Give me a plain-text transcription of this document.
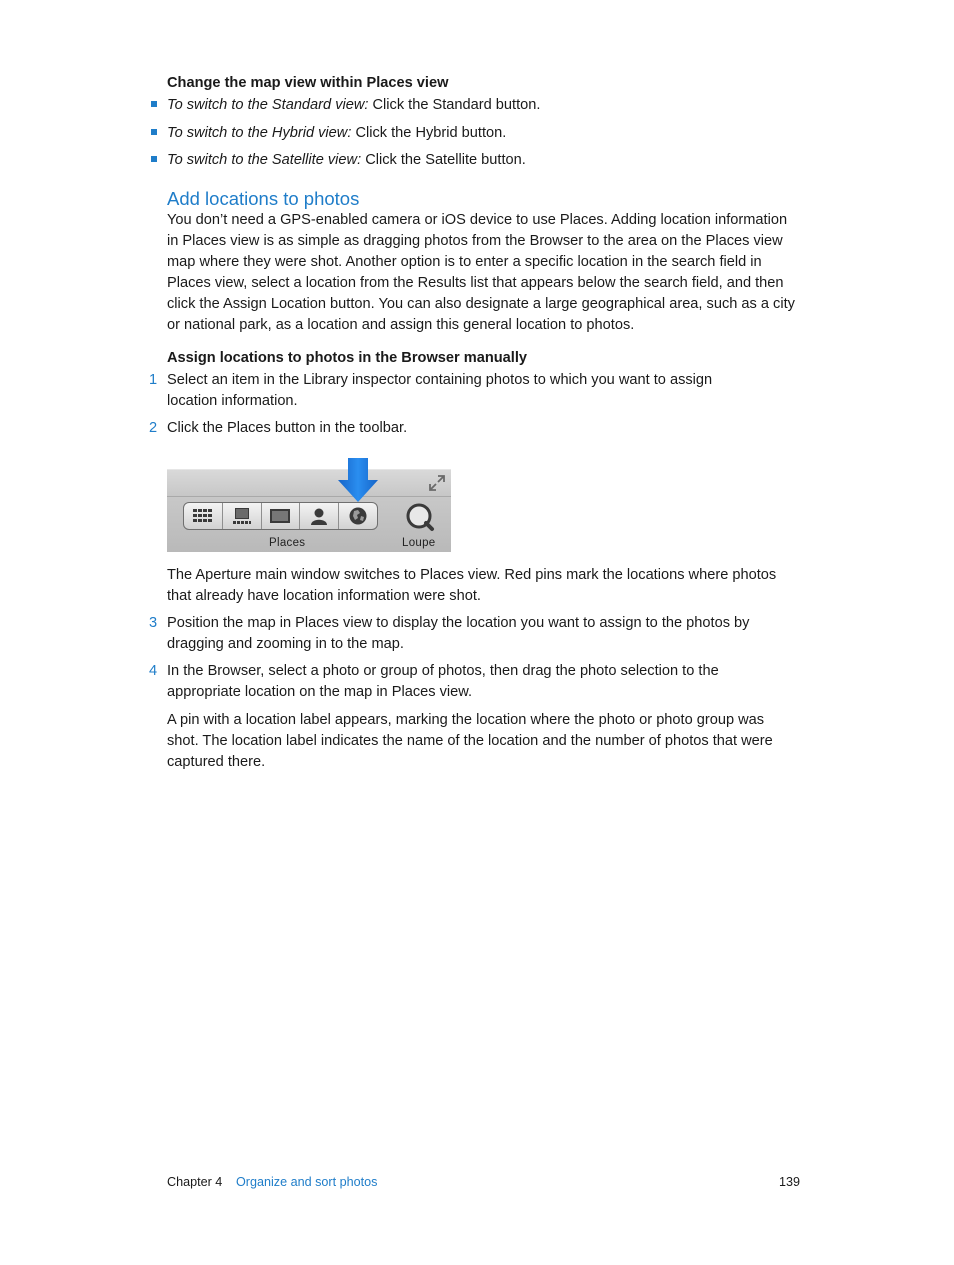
Change the map view within Places view
To switch to the Standard view: Click the Standard button.
To switch to the Hybrid view: Click the Hybrid button.
To switch to the Satellite view: Click the Satellite button.
Add locations to photos
You don’t need a GPS-enabled camera or iOS device to use Places. Adding location information
in Places view is as simple as dragging photos from the Browser to the area on the Places view
map where they were shot. Another option is to enter a specific location in the search field in
Places view, select a location from the Results list that appears below the search field, and then
click the Assign Location button. You can also designate a large geographical area, such as a city
or national park, as a location and assign this general location to photos.
Assign locations to photos in the Browser manually
1 Select an item in the Library inspector containing photos to which you want to assign
location information.
2 Click the Places button in the toolbar.
Places	Loupe
The Aperture main window switches to Places view. Red pins mark the locations where photos
that already have location information were shot.
3 Position the map in Places view to display the location you want to assign to the photos by
dragging and zooming in to the map.
4 In the Browser, select a photo or group of photos, then drag the photo selection to the
appropriate location on the map in Places view.
A pin with a location label appears, marking the location where the photo or photo group was
shot. The location label indicates the name of the location and the number of photos that were
captured there.
Chapter 4 Organize and sort photos	139
